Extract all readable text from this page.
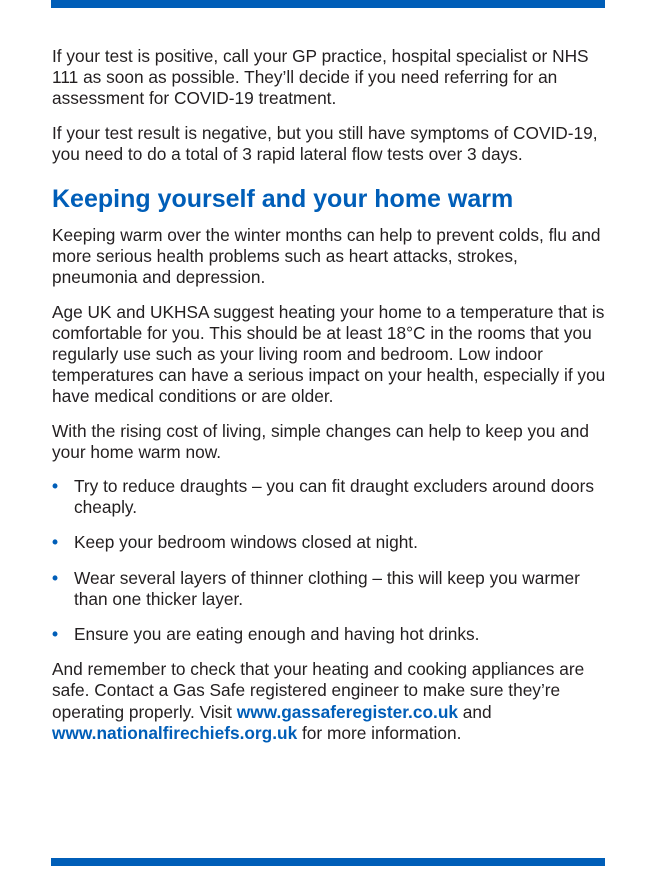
If your test is positive, call your GP practice, hospital specialist or NHS 111 as soon as possible. They’ll decide if you need referring for an assessment for COVID-19 treatment.

If your test result is negative, but you still have symptoms of COVID-19, you need to do a total of 3 rapid lateral flow tests over 3 days.

Keeping yourself and your home warm

Keeping warm over the winter months can help to prevent colds, flu and more serious health problems such as heart attacks, strokes, pneumonia and depression.

Age UK and UKHSA suggest heating your home to a temperature that is comfortable for you. This should be at least 18°C in the rooms that you regularly use such as your living room and bedroom. Low indoor temperatures can have a serious impact on your health, especially if you have medical conditions or are older.

With the rising cost of living, simple changes can help to keep you and your home warm now.

• Try to reduce draughts – you can fit draught excluders around doors cheaply.
• Keep your bedroom windows closed at night.
• Wear several layers of thinner clothing – this will keep you warmer than one thicker layer.
• Ensure you are eating enough and having hot drinks.

And remember to check that your heating and cooking appliances are safe. Contact a Gas Safe registered engineer to make sure they’re operating properly. Visit www.gassaferegister.co.uk and www.nationalfirechiefs.org.uk for more information.
